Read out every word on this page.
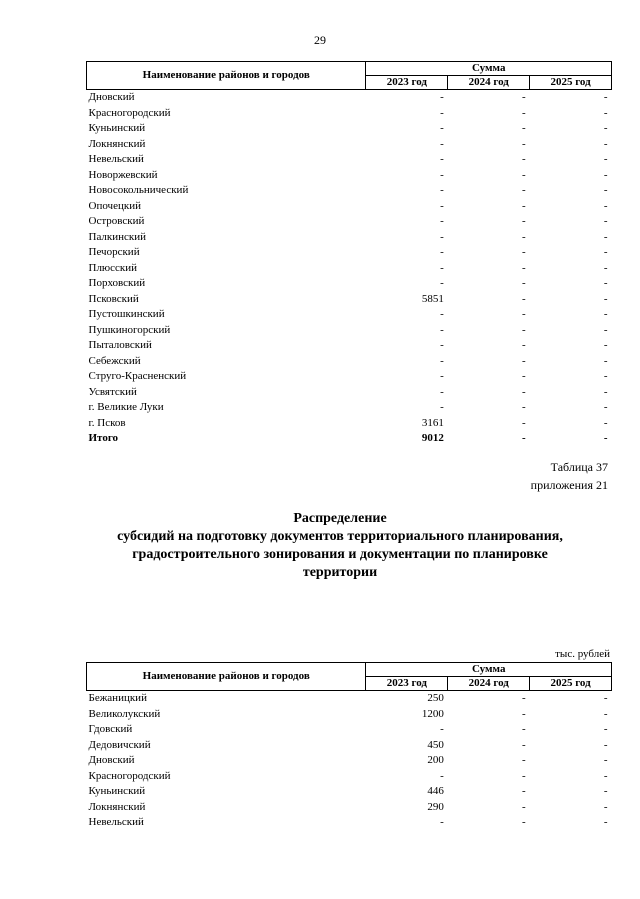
29
Наименование районов и городов	Сумма		
	2023 год	2024 год	2025 год
Дновский	-	-	-
Красногородский	-	-	-
Куньинский	-	-	-
Локнянский	-	-	-
Невельский	-	-	-
Новоржевский	-	-	-
Новосокольнический	-	-	-
Опочецкий	-	-	-
Островский	-	-	-
Палкинский	-	-	-
Печорский	-	-	-
Плюсский	-	-	-
Порховский	-	-	-
Псковский	5851	-	-
Пустошкинский	-	-	-
Пушкиногорский	-	-	-
Пыталовский	-	-	-
Себежский	-	-	-
Струго-Красненский	-	-	-
Усвятский	-	-	-
г. Великие Луки	-	-	-
г. Псков	3161	-	-
Итого	9012	-	-
Таблица 37
приложения 21
Распределение
субсидий на подготовку документов территориального планирования,
градостроительного зонирования и документации по планировке
территории
тыс. рублей
Наименование районов и городов	Сумма		
	2023 год	2024 год	2025 год
Бежаницкий	250	-	-
Великолукский	1200	-	-
Гдовский	-	-	-
Дедовичский	450	-	-
Дновский	200	-	-
Красногородский	-	-	-
Куньинский	446	-	-
Локнянский	290	-	-
Невельский	-	-	-
